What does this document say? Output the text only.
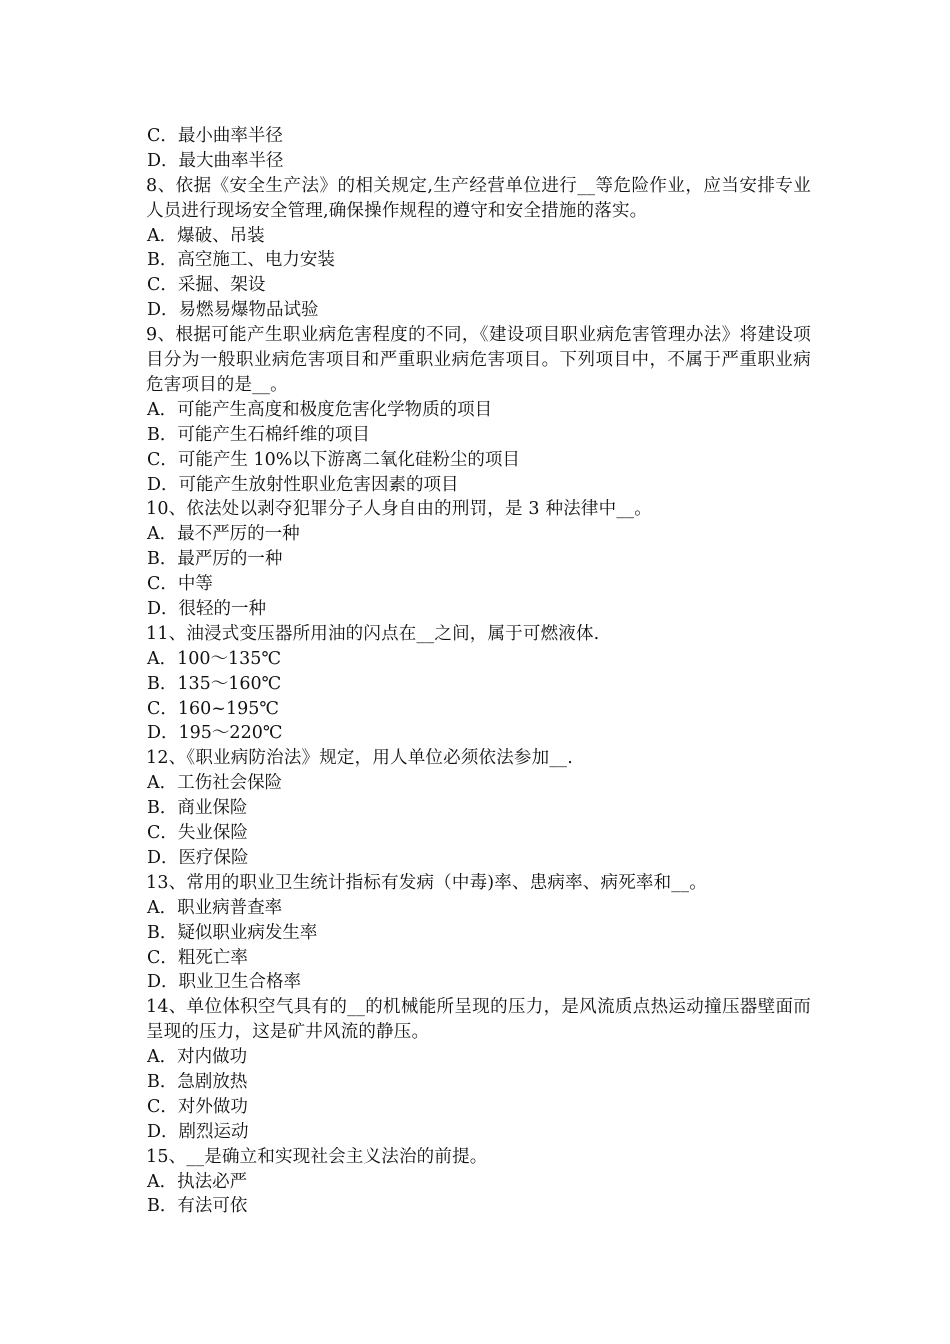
C．最小曲率半径
D．最大曲率半径
8、依据《安全生产法》的相关规定,生产经营单位进行__等危险作业，应当安排专业人员进行现场安全管理,确保操作规程的遵守和安全措施的落实。
A．爆破、吊装
B．高空施工、电力安装
C．采掘、架设
D．易燃易爆物品试验
9、根据可能产生职业病危害程度的不同，《建设项目职业病危害管理办法》将建设项目分为一般职业病危害项目和严重职业病危害项目。下列项目中，不属于严重职业病危害项目的是__。
A．可能产生高度和极度危害化学物质的项目
B．可能产生石棉纤维的项目
C．可能产生 10%以下游离二氧化硅粉尘的项目
D．可能产生放射性职业危害因素的项目
10、依法处以剥夺犯罪分子人身自由的刑罚，是 3 种法律中__。
A．最不严厉的一种
B．最严厉的一种
C．中等
D．很轻的一种
11、油浸式变压器所用油的闪点在__之间，属于可燃液体.
A．100～135℃
B．135～160℃
C．160~195℃
D．195～220℃
12、《职业病防治法》规定，用人单位必须依法参加__.
A．工伤社会保险
B．商业保险
C．失业保险
D．医疗保险
13、常用的职业卫生统计指标有发病（中毒)率、患病率、病死率和__。
A．职业病普查率
B．疑似职业病发生率
C．粗死亡率
D．职业卫生合格率
14、单位体积空气具有的__的机械能所呈现的压力，是风流质点热运动撞压器壁面而呈现的压力，这是矿井风流的静压。
A．对内做功
B．急剧放热
C．对外做功
D．剧烈运动
15、__是确立和实现社会主义法治的前提。
A．执法必严
B．有法可依
